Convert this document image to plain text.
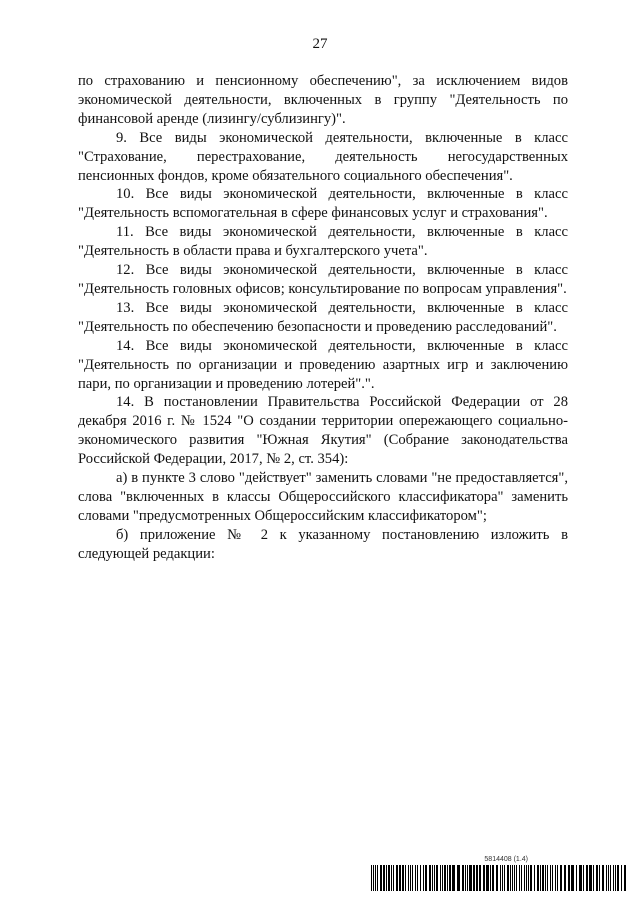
27

по страхованию и пенсионному обеспечению", за исключением видов экономической деятельности, включенных в группу "Деятельность по финансовой аренде (лизингу/сублизингу)".

9. Все виды экономической деятельности, включенные в класс "Страхование, перестрахование, деятельность негосударственных пенсионных фондов, кроме обязательного социального обеспечения".

10. Все виды экономической деятельности, включенные в класс "Деятельность вспомогательная в сфере финансовых услуг и страхования".

11. Все виды экономической деятельности, включенные в класс "Деятельность в области права и бухгалтерского учета".

12. Все виды экономической деятельности, включенные в класс "Деятельность головных офисов; консультирование по вопросам управления".

13. Все виды экономической деятельности, включенные в класс "Деятельность по обеспечению безопасности и проведению расследований".

14. Все виды экономической деятельности, включенные в класс "Деятельность по организации и проведению азартных игр и заключению пари, по организации и проведению лотерей".".

14. В постановлении Правительства Российской Федерации от 28 декабря 2016 г. № 1524 "О создании территории опережающего социально-экономического развития "Южная Якутия" (Собрание законодательства Российской Федерации, 2017, № 2, ст. 354):

а) в пункте 3 слово "действует" заменить словами "не предоставляется", слова "включенных в классы Общероссийского классификатора" заменить словами "предусмотренных Общероссийским классификатором";

б) приложение № 2 к указанному постановлению изложить в следующей редакции:

5814408 (1.4)
